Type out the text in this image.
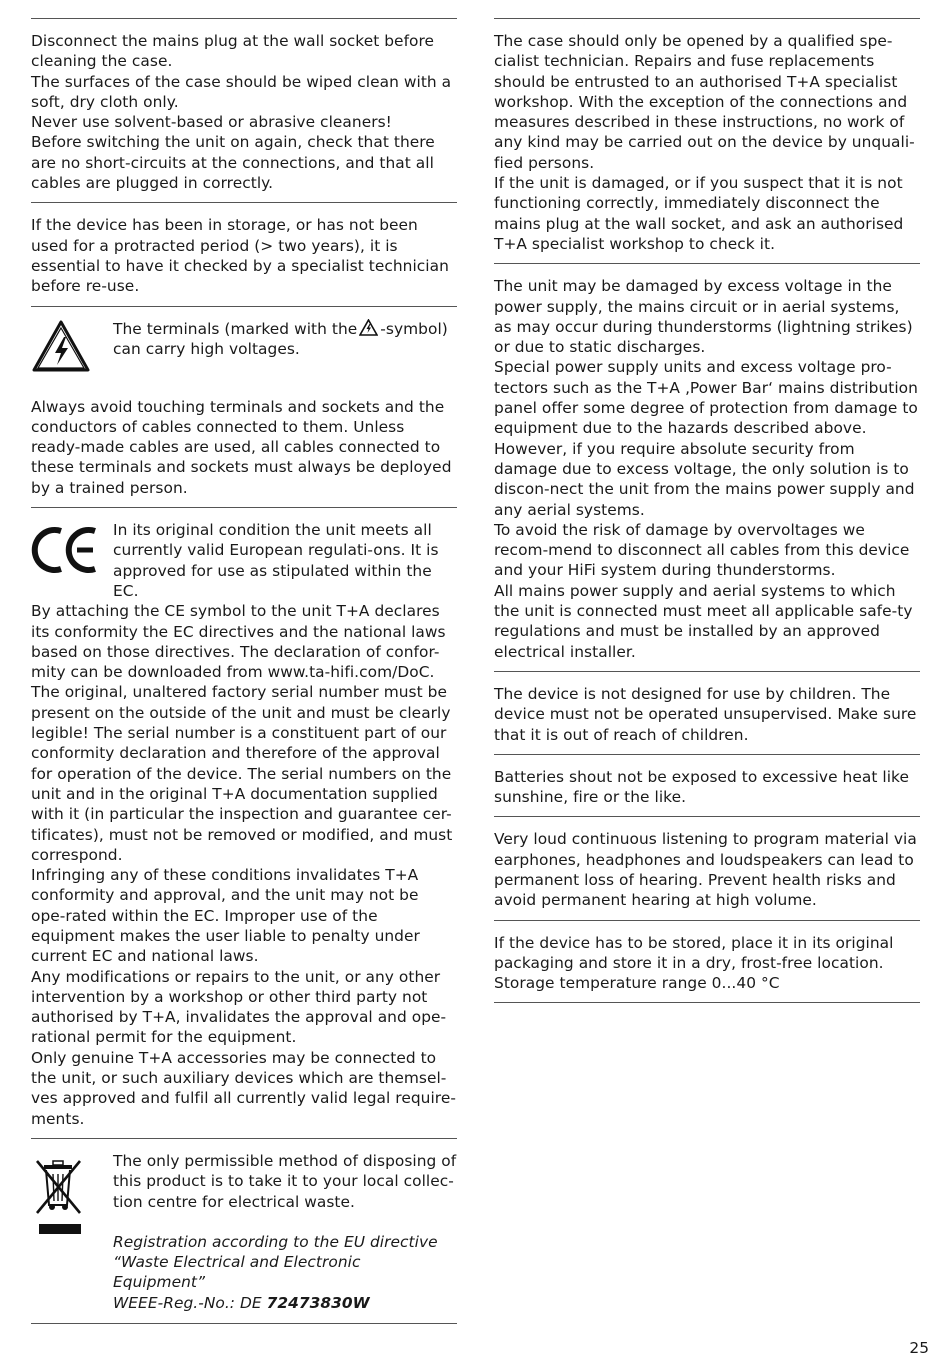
Disconnect the mains plug at the wall socket before cleaning the case.

The surfaces of the case should be wiped clean with a soft, dry cloth only.

Never use solvent-based or abrasive cleaners!

Before switching the unit on again, check that there are no short-circuits at the connections, and that all cables are plugged in correctly.

If the device has been in storage, or has not been used for a protracted period (> two years), it is essential to have it checked by a specialist technician before re-use.

The terminals (marked with the -symbol) can carry high voltages.

Always avoid touching terminals and sockets and the conductors of cables connected to them. Unless ready-made cables are used, all cables connected to these terminals and sockets must always be deployed by a trained person.

In its original condition the unit meets all currently valid European regulati-ons. It is approved for use as stipulated within the EC.

By attaching the CE symbol to the unit T+A declares its conformity the EC directives and the national laws based on those directives. The declaration of confor-mity can be downloaded from www.ta-hifi.com/DoC.

The original, unaltered factory serial number must be present on the outside of the unit and must be clearly legible! The serial number is a constituent part of our conformity declaration and therefore of the approval for operation of the device. The serial numbers on the unit and in the original T+A documentation supplied with it (in particular the inspection and guarantee cer-tificates), must not be removed or modified, and must correspond.

Infringing any of these conditions invalidates T+A conformity and approval, and the unit may not be ope-rated within the EC. Improper use of the equipment makes the user liable to penalty under current EC and national laws.

Any modifications or repairs to the unit, or any other intervention by a workshop or other third party not authorised by T+A, invalidates the approval and ope-rational permit for the equipment.

Only genuine T+A accessories may be connected to the unit, or such auxiliary devices which are themsel-ves approved and fulfil all currently valid legal require-ments.

The only permissible method of disposing of this product is to take it to your local collec-tion centre for electrical waste.

Registration according to the EU directive

“Waste Electrical and Electronic Equipment”

WEEE-Reg.-No.: DE 72473830W

The case should only be opened by a qualified spe-cialist technician. Repairs and fuse replacements should be entrusted to an authorised T+A specialist workshop. With the exception of the connections and measures described in these instructions, no work of any kind may be carried out on the device by unquali-fied persons.

If the unit is damaged, or if you suspect that it is not functioning correctly, immediately disconnect the mains plug at the wall socket, and ask an authorised T+A specialist workshop to check it.

The unit may be damaged by excess voltage in the power supply, the mains circuit or in aerial systems, as may occur during thunderstorms (lightning strikes) or due to static discharges.

Special power supply units and excess voltage pro-tectors such as the T+A ‚Power Bar‘ mains distribution panel offer some degree of protection from damage to equipment due to the hazards described above.

However, if you require absolute security from damage due to excess voltage, the only solution is to discon-nect the unit from the mains power supply and any aerial systems.

To avoid the risk of damage by overvoltages we recom-mend to disconnect all cables from this device and your HiFi system during thunderstorms.

All mains power supply and aerial systems to which the unit is connected must meet all applicable safe-ty regulations and must be installed by an approved electrical installer.

The device is not designed for use by children. The device must not be operated unsupervised. Make sure that it is out of reach of children.

Batteries shout not be exposed to excessive heat like sunshine, fire or the like.

Very loud continuous listening to program material via earphones, headphones and loudspeakers can lead to permanent loss of hearing. Prevent health risks and avoid permanent hearing at high volume.

If the device has to be stored, place it in its original packaging and store it in a dry, frost-free location. Storage temperature range 0...40 °C

25
